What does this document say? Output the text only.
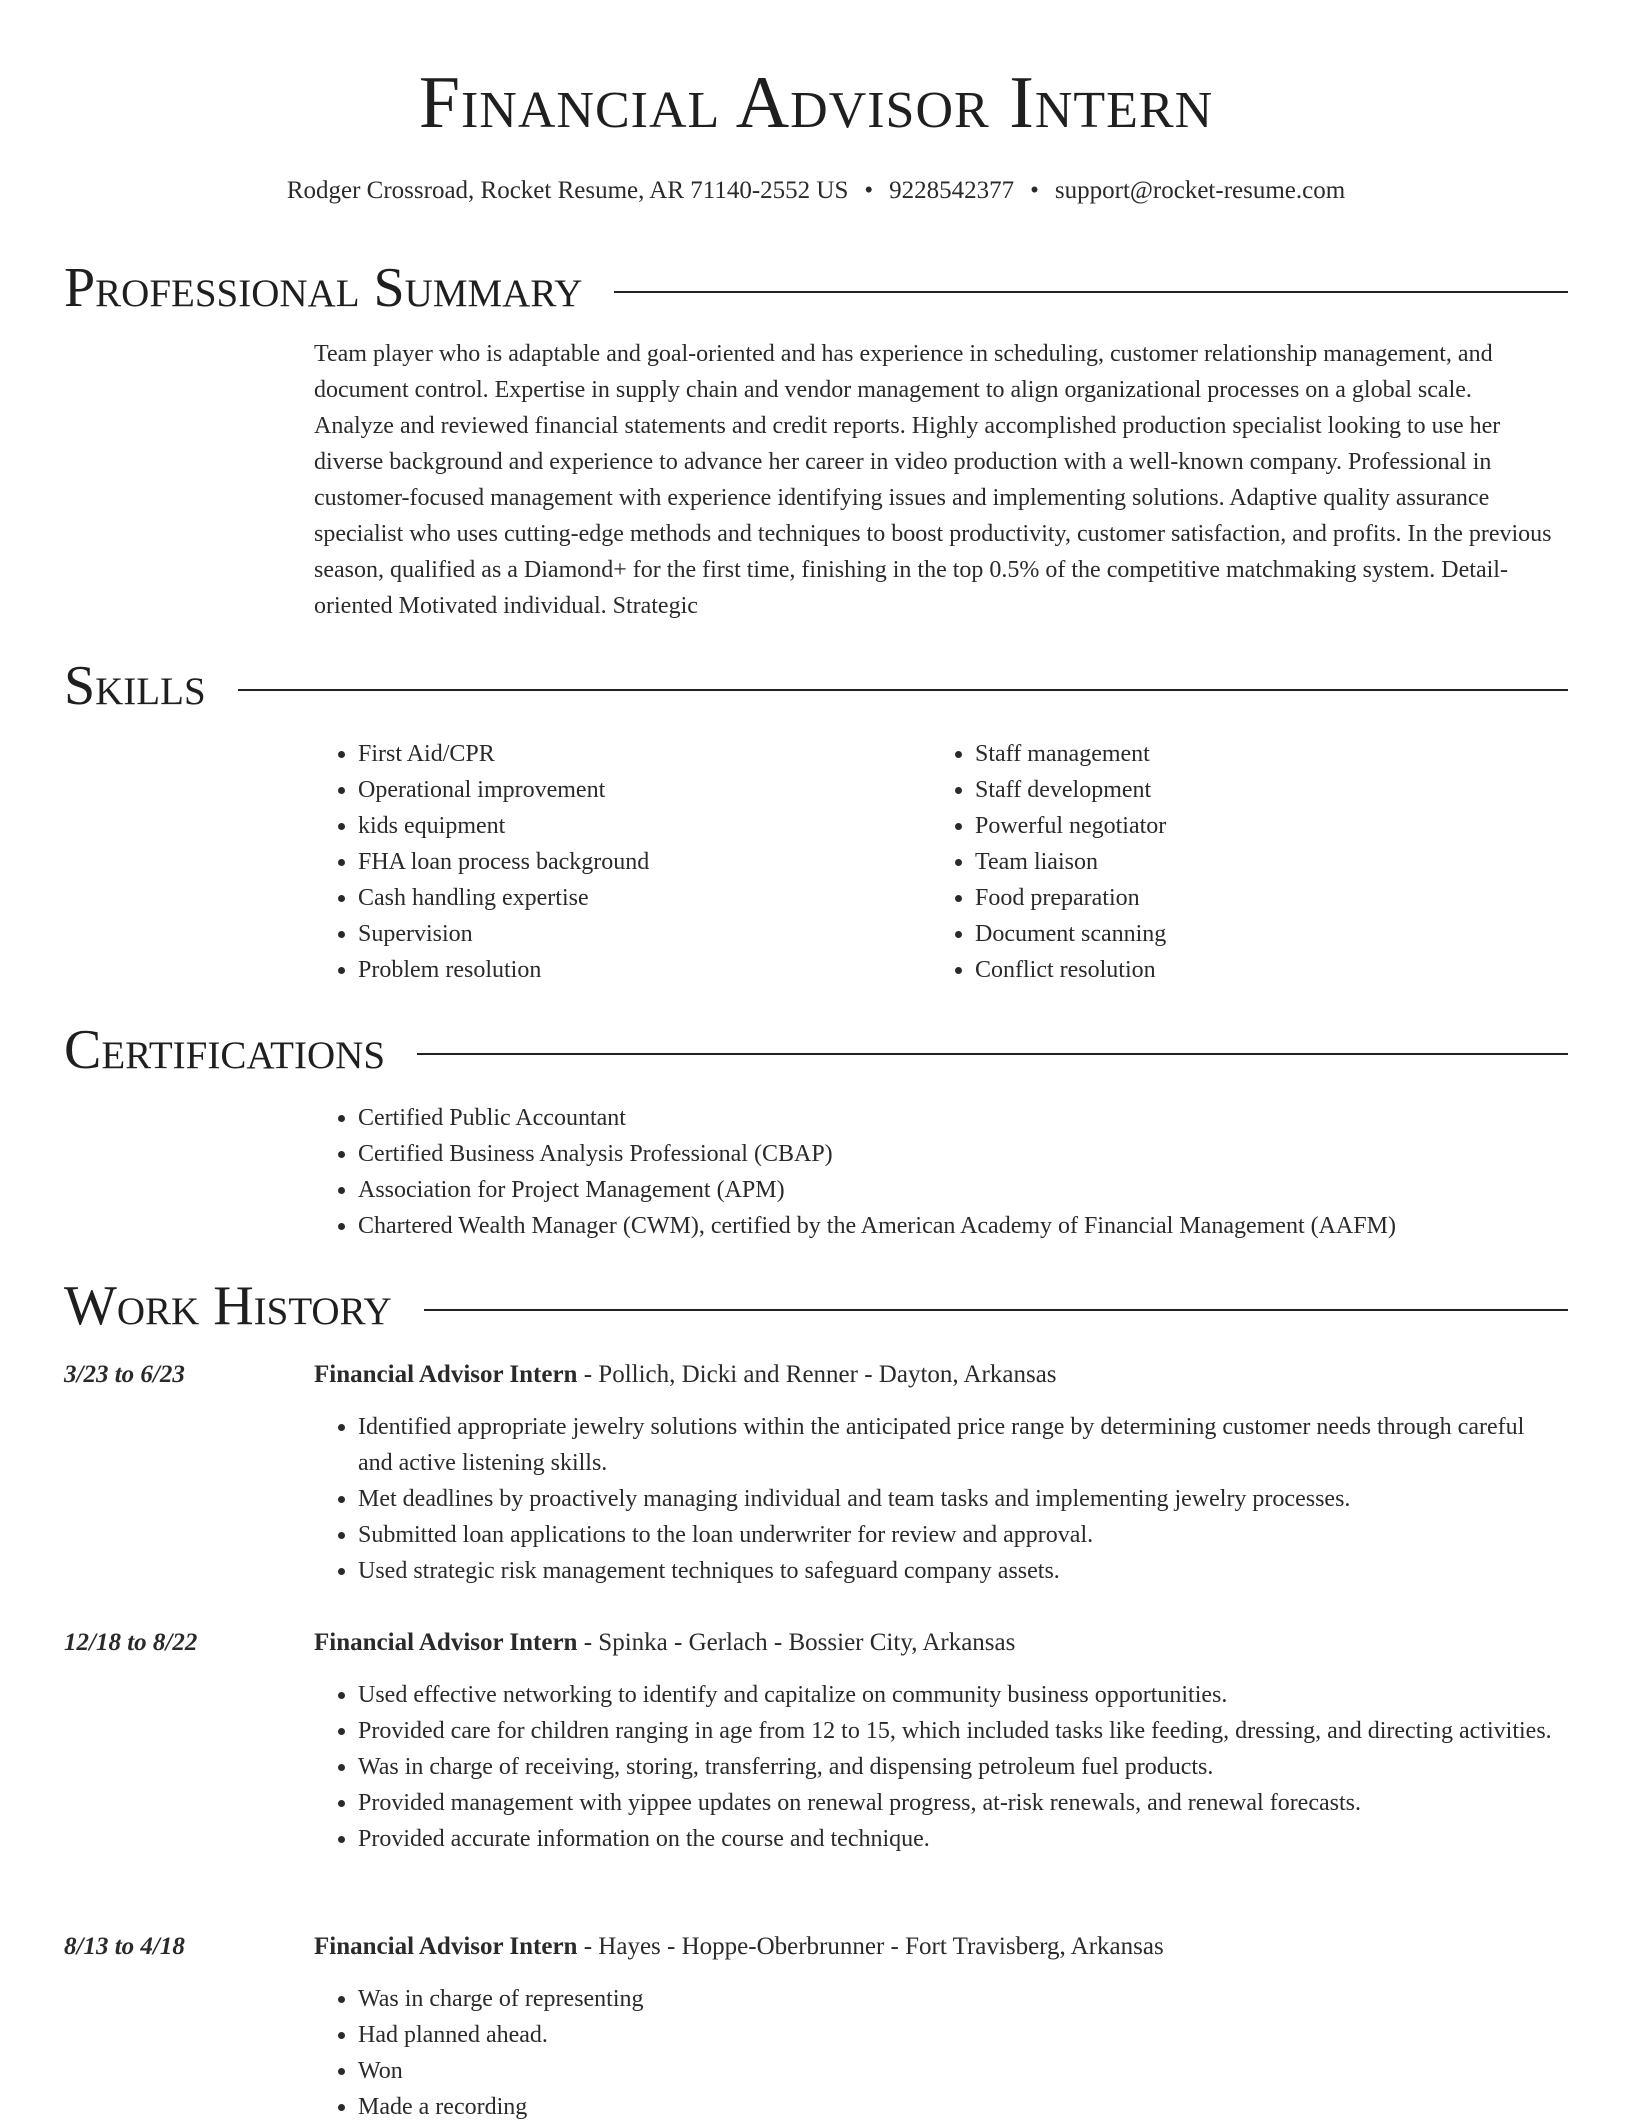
Financial Advisor Intern
Rodger Crossroad, Rocket Resume, AR 71140-2552 US • 9228542377 • support@rocket-resume.com
Professional Summary

Team player who is adaptable and goal-oriented and has experience in scheduling, customer relationship management, and document control. Expertise in supply chain and vendor management to align organizational processes on a global scale. Analyze and reviewed financial statements and credit reports. Highly accomplished production specialist looking to use her diverse background and experience to advance her career in video production with a well-known company. Professional in customer-focused management with experience identifying issues and implementing solutions. Adaptive quality assurance specialist who uses cutting-edge methods and techniques to boost productivity, customer satisfaction, and profits. In the previous season, qualified as a Diamond+ for the first time, finishing in the top 0.5% of the competitive matchmaking system. Detail-oriented Motivated individual. Strategic

Skills
• First Aid/CPR
• Operational improvement
• kids equipment
• FHA loan process background
• Cash handling expertise
• Supervision
• Problem resolution
• Staff management
• Staff development
• Powerful negotiator
• Team liaison
• Food preparation
• Document scanning
• Conflict resolution
Certifications
• Certified Public Accountant
• Certified Business Analysis Professional (CBAP)
• Association for Project Management (APM)
• Chartered Wealth Manager (CWM), certified by the American Academy of Financial Management (AAFM)
Work History
3/23 to 6/23	Financial Advisor Intern - Pollich, Dicki and Renner - Dayton, Arkansas
• Identified appropriate jewelry solutions within the anticipated price range by determining customer needs through careful and active listening skills.
• Met deadlines by proactively managing individual and team tasks and implementing jewelry processes.
• Submitted loan applications to the loan underwriter for review and approval.
• Used strategic risk management techniques to safeguard company assets.
12/18 to 8/22	Financial Advisor Intern - Spinka - Gerlach - Bossier City, Arkansas
• Used effective networking to identify and capitalize on community business opportunities.
• Provided care for children ranging in age from 12 to 15, which included tasks like feeding, dressing, and directing activities.
• Was in charge of receiving, storing, transferring, and dispensing petroleum fuel products.
• Provided management with yippee updates on renewal progress, at-risk renewals, and renewal forecasts.
• Provided accurate information on the course and technique.
8/13 to 4/18	Financial Advisor Intern - Hayes - Hoppe-Oberbrunner - Fort Travisberg, Arkansas
• Was in charge of representing
• Had planned ahead.
• Won
• Made a recording
